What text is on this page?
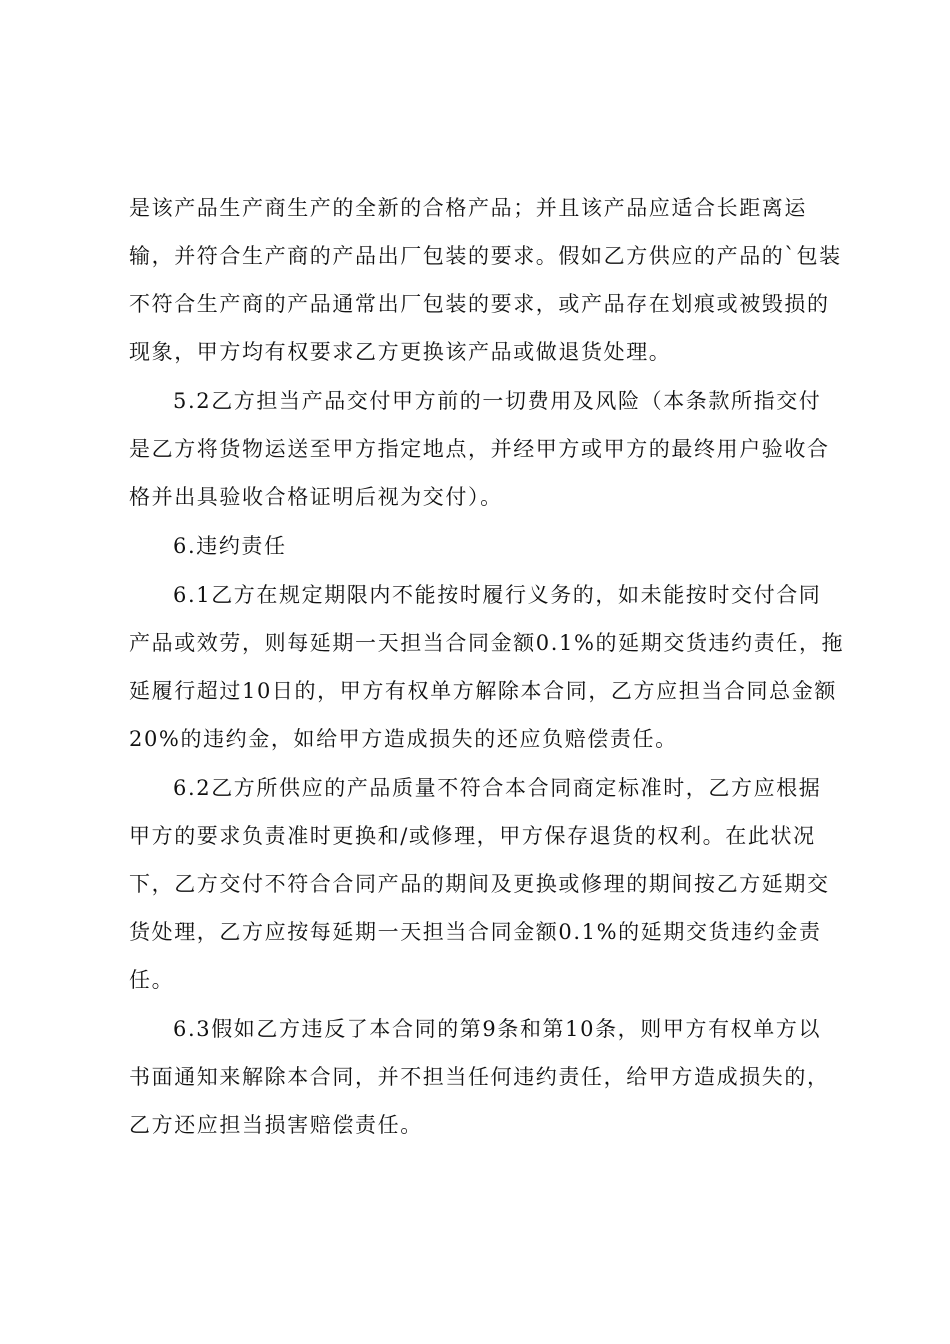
是该产品生产商生产的全新的合格产品；并且该产品应适合长距离运
输，并符合生产商的产品出厂包装的要求。假如乙方供应的产品的`包装
不符合生产商的产品通常出厂包装的要求，或产品存在划痕或被毁损的
现象，甲方均有权要求乙方更换该产品或做退货处理。
5.2乙方担当产品交付甲方前的一切费用及风险（本条款所指交付
是乙方将货物运送至甲方指定地点，并经甲方或甲方的最终用户验收合
格并出具验收合格证明后视为交付）。
6.违约责任
6.1乙方在规定期限内不能按时履行义务的，如未能按时交付合同
产品或效劳，则每延期一天担当合同金额0.1%的延期交货违约责任，拖
延履行超过10日的，甲方有权单方解除本合同，乙方应担当合同总金额
20%的违约金，如给甲方造成损失的还应负赔偿责任。
6.2乙方所供应的产品质量不符合本合同商定标准时，乙方应根据
甲方的要求负责准时更换和/或修理，甲方保存退货的权利。在此状况
下，乙方交付不符合合同产品的期间及更换或修理的期间按乙方延期交
货处理，乙方应按每延期一天担当合同金额0.1%的延期交货违约金责
任。
6.3假如乙方违反了本合同的第9条和第10条，则甲方有权单方以
书面通知来解除本合同，并不担当任何违约责任，给甲方造成损失的，
乙方还应担当损害赔偿责任。
